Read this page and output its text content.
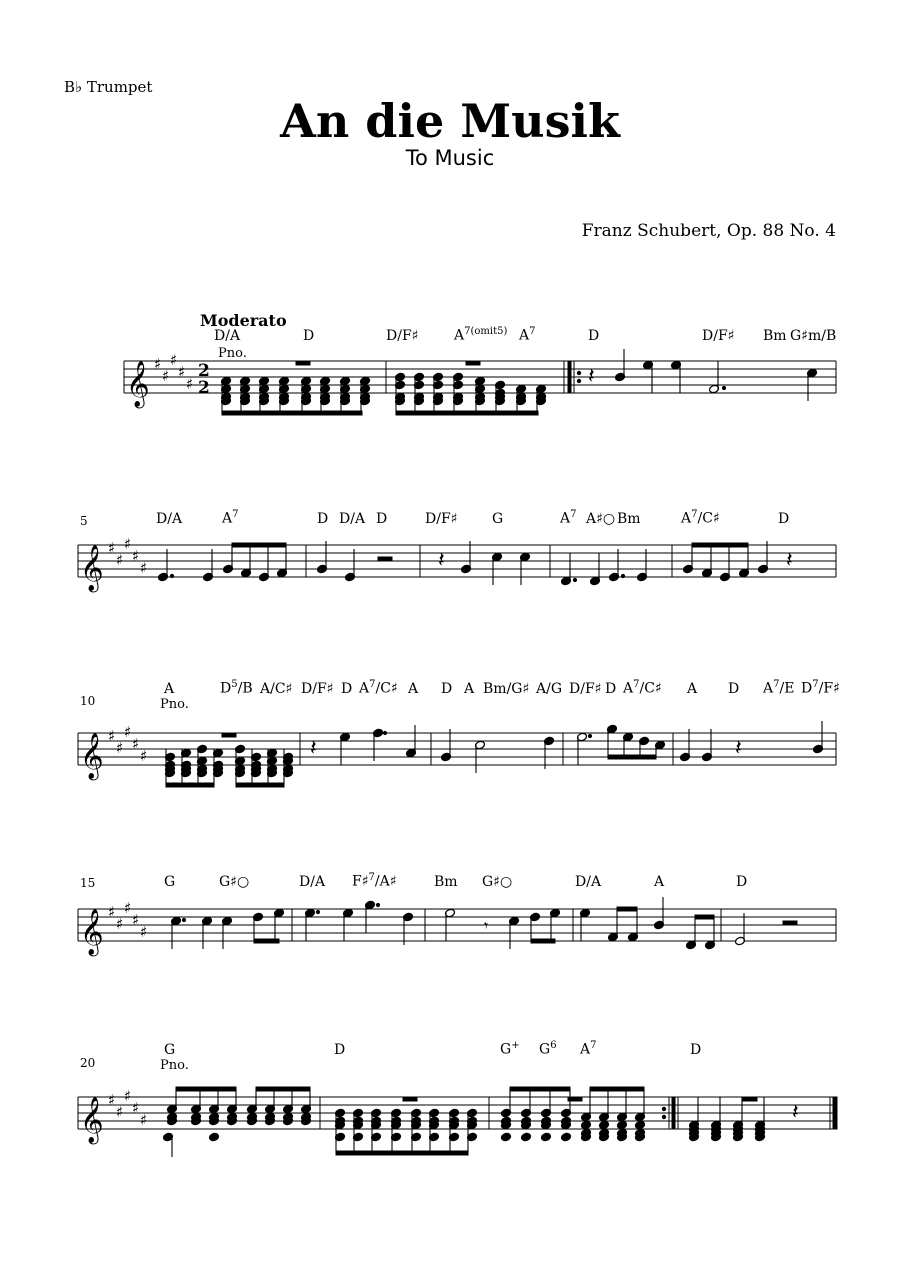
B♭ Trumpet
An die Musik
To Music
Franz Schubert, Op. 88 No. 4
Moderato
D/A	D	D/F♯	$A^{7(omit5)}$ $A^7$	D	D/F♯ Bm G♯m/B
Pno.
5	D/A	$A^7$	D D/A D	D/F♯ G	$A^7$ A♯○ Bm	$A^7/C♯$	D
10
A	$D^5/B$ A/C♯ D/F♯ D $A^7/C♯$ A D A Bm/G♯ A/G D/F♯ D $A^7/C♯$ A D $A^7/E$ $D^7/F♯$
Pno.
15	G	G♯○	D/A F♯$^7$/A♯	Bm G♯○	D/A	A	D
20
G	D	G+ $G^6$ $A^7$	D
Pno.
𝄞 ♯
♯
♯
♯
♯
2
2
𝄞 ♯
♯
♯
♯
♯
𝄞 ♯
♯
♯
♯
♯
𝄞 ♯
♯
♯
♯
♯
𝄞 ♯
♯
♯
♯
♯
𝄽
𝄽	𝄽
𝄽	𝄽
𝄾
𝄽
